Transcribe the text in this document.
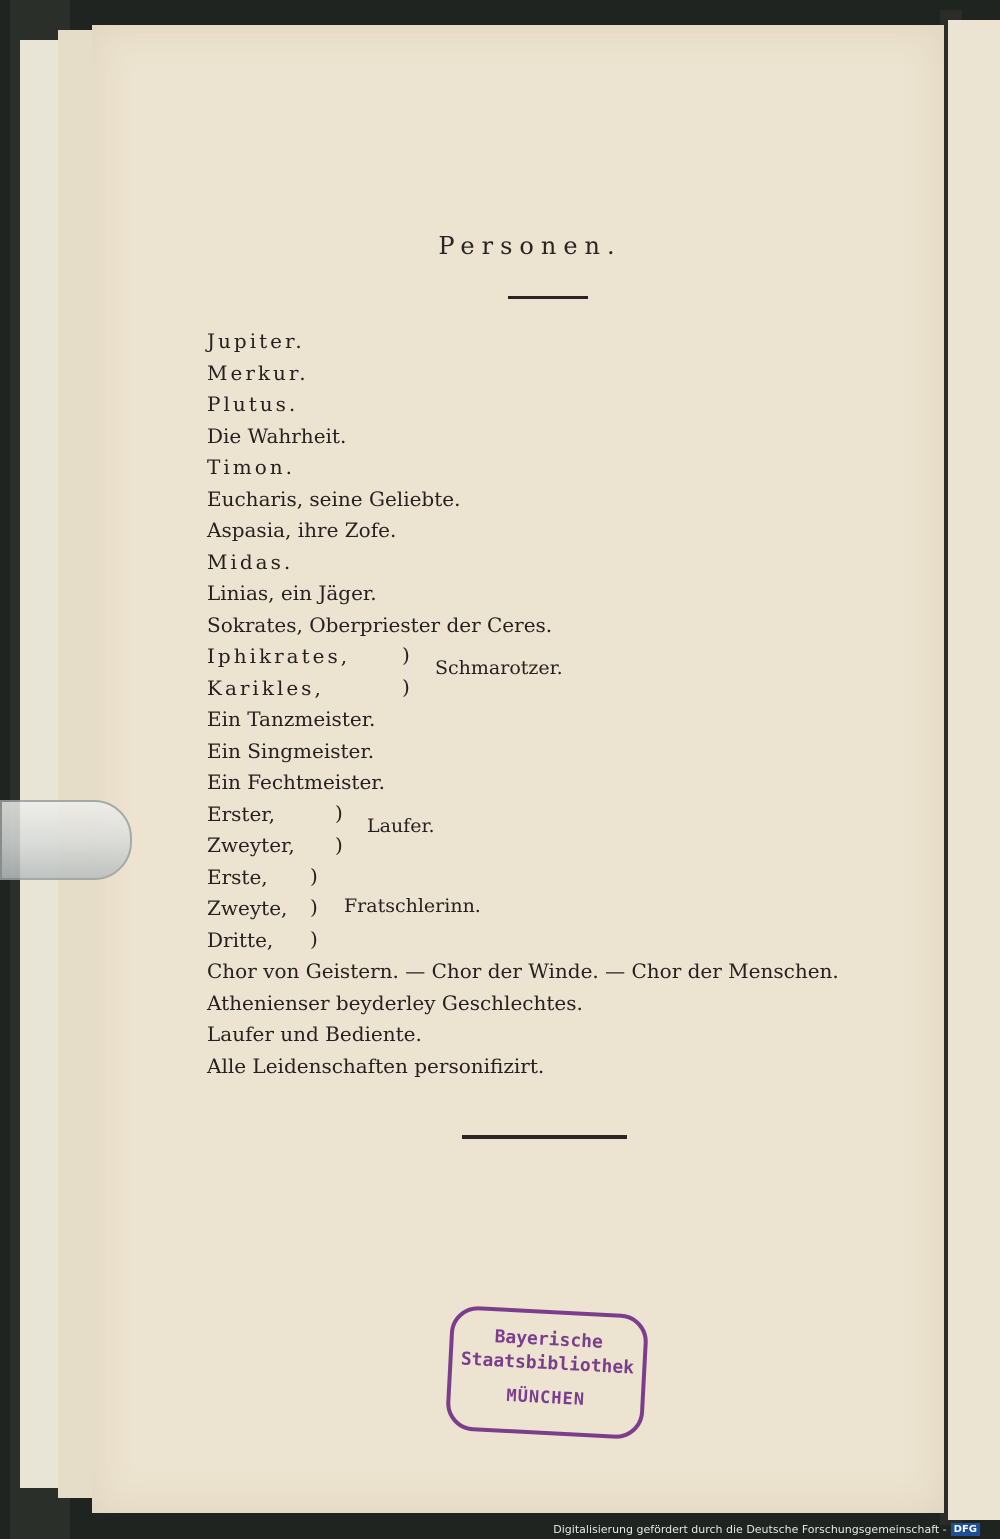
Personen.
Jupiter.
Merkur.
Plutus.
Die Wahrheit.
Timon.
Eucharis, seine Geliebte.
Aspasia, ihre Zofe.
Midas.
Linias, ein Jäger.
Sokrates, Oberpriester der Ceres.
Iphikrates,
Karikles,
)
)
Schmarotzer.
Ein Tanzmeister.
Ein Singmeister.
Ein Fechtmeister.
Erster,
Zweyter,
)
)
Laufer.
Erste,
Zweyte,
Dritte,
)
)
)
Fratschlerinn.
Chor von Geistern. — Chor der Winde. — Chor der Menschen.
Athenienser beyderley Geschlechtes.
Laufer und Bediente.
Alle Leidenschaften personifizirt.
Bayerische
Staatsbibliothek
MÜNCHEN
Digitalisierung gefördert durch die Deutsche Forschungsgemeinschaft - DFG
